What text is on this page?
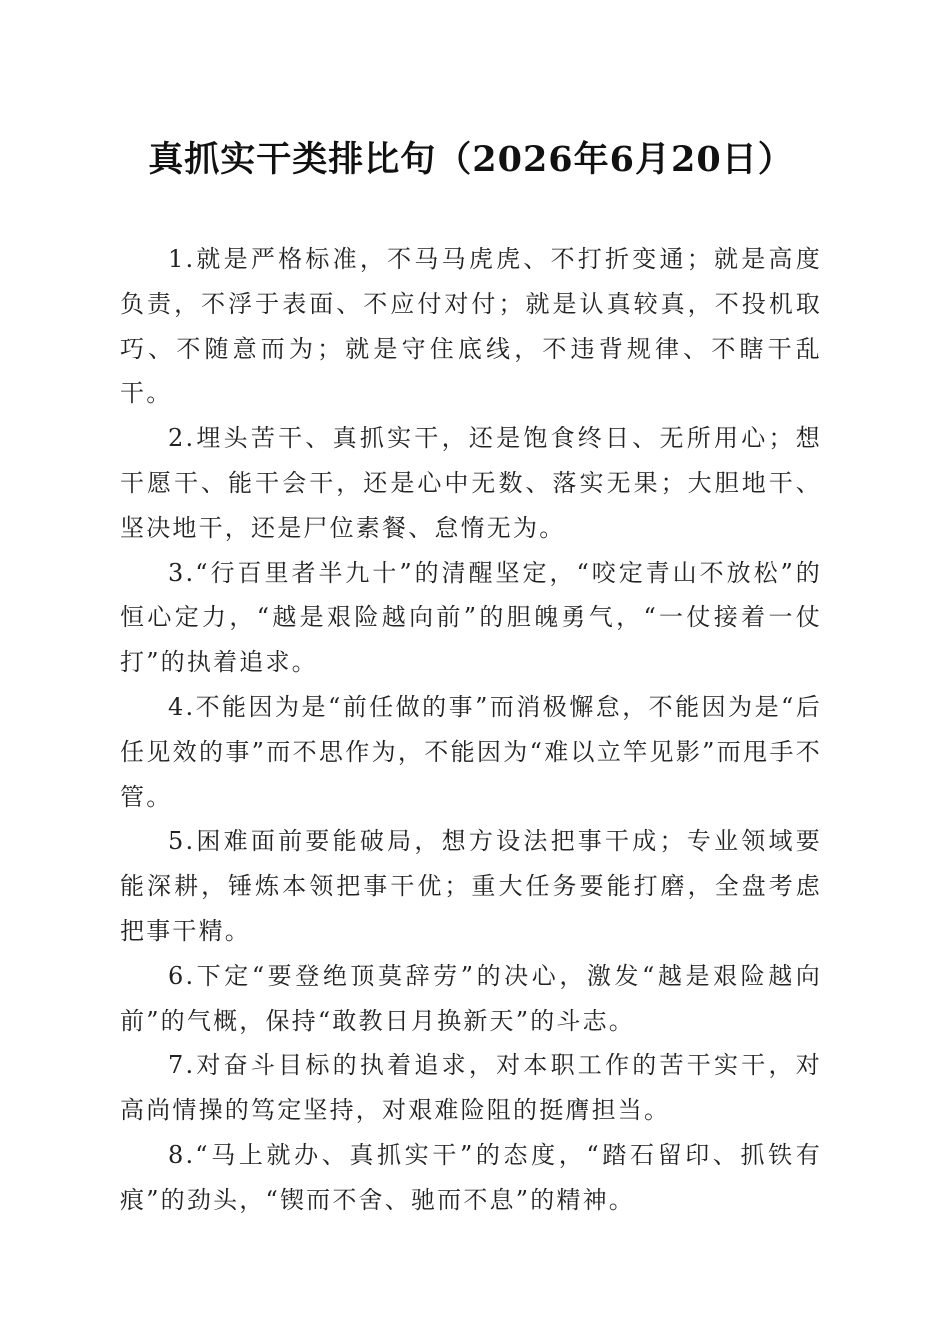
真抓实干类排比句（2026年6月20日）

1.就是严格标准，不马马虎虎、不打折变通；就是高度负责，不浮于表面、不应付对付；就是认真较真，不投机取巧、不随意而为；就是守住底线，不违背规律、不瞎干乱干。

2.埋头苦干、真抓实干，还是饱食终日、无所用心；想干愿干、能干会干，还是心中无数、落实无果；大胆地干、坚决地干，还是尸位素餐、怠惰无为。

3.“行百里者半九十”的清醒坚定，“咬定青山不放松”的恒心定力，“越是艰险越向前”的胆魄勇气，“一仗接着一仗打”的执着追求。

4.不能因为是“前任做的事”而消极懈怠，不能因为是“后任见效的事”而不思作为，不能因为“难以立竿见影”而甩手不管。

5.困难面前要能破局，想方设法把事干成；专业领域要能深耕，锤炼本领把事干优；重大任务要能打磨，全盘考虑把事干精。

6.下定“要登绝顶莫辞劳”的决心，激发“越是艰险越向前”的气概，保持“敢教日月换新天”的斗志。

7.对奋斗目标的执着追求，对本职工作的苦干实干，对高尚情操的笃定坚持，对艰难险阻的挺膺担当。

8.“马上就办、真抓实干”的态度，“踏石留印、抓铁有痕”的劲头，“锲而不舍、驰而不息”的精神。
